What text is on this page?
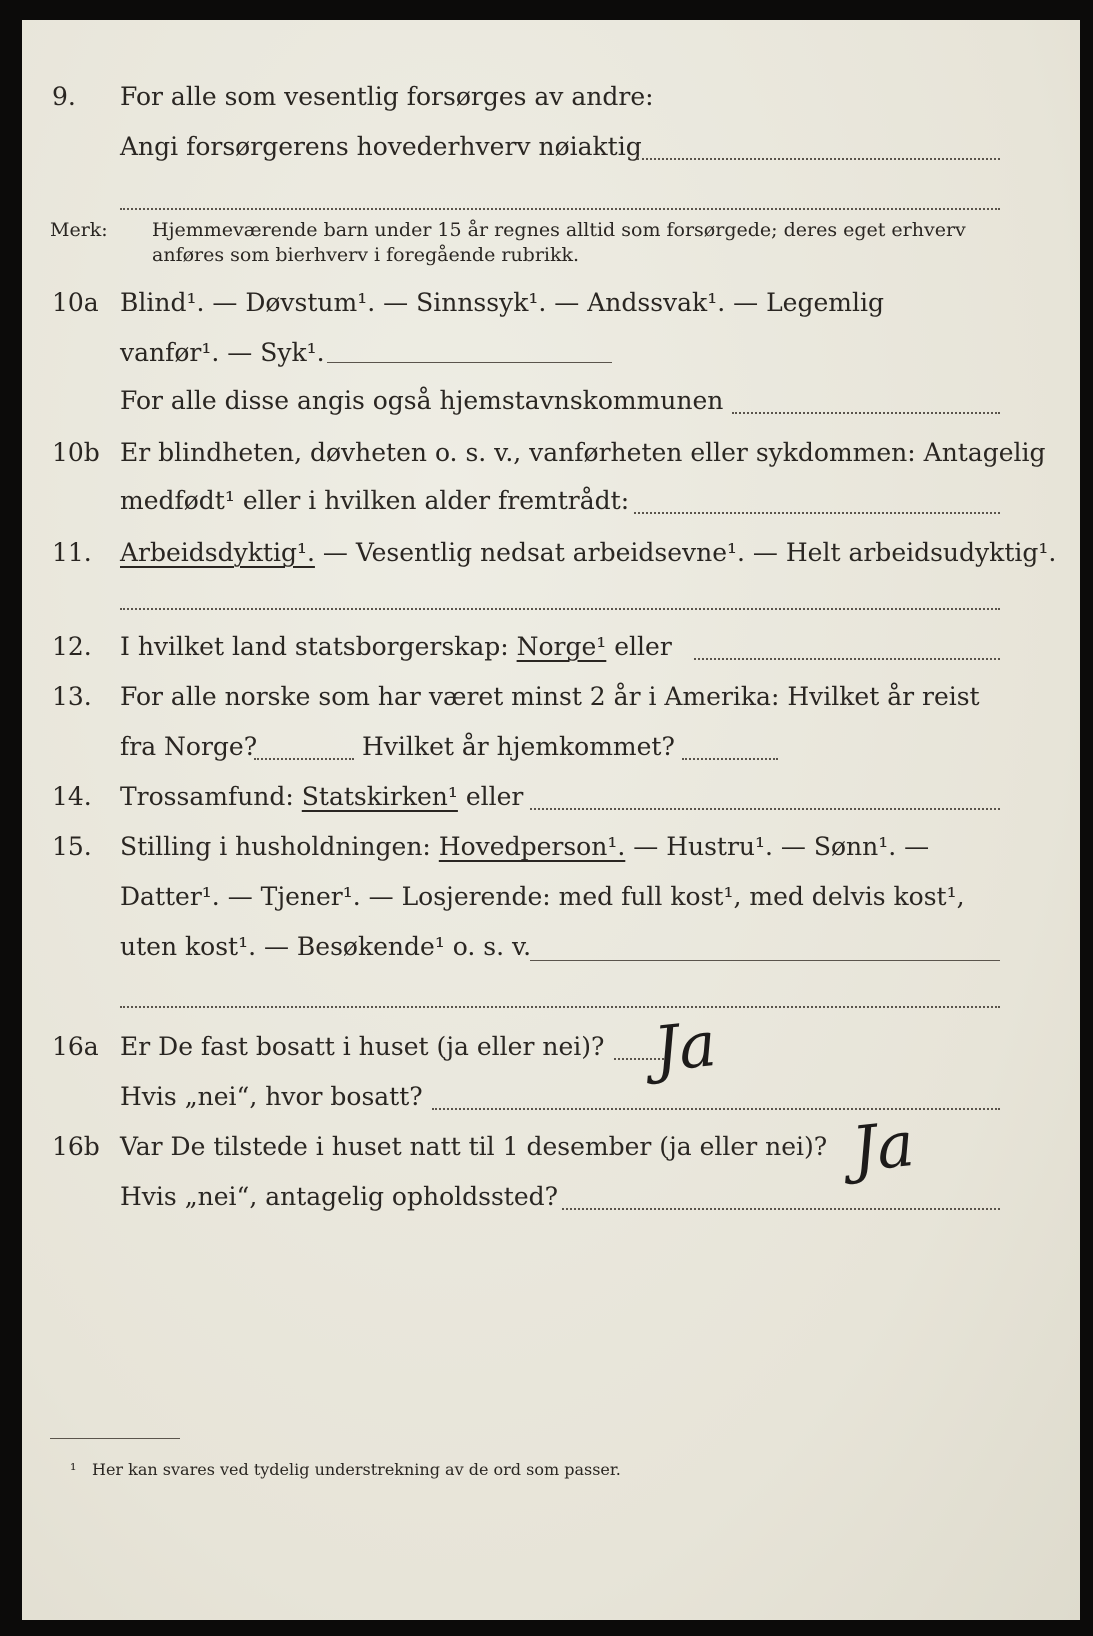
9. For alle som vesentlig forsørges av andre:
Angi forsørgerens hovederhverv nøiaktig
Merk: Hjemmeværende barn under 15 år regnes alltid som forsørgede; deres eget erhverv
anføres som bierhverv i foregående rubrikk.
10a Blind¹. — Døvstum¹. — Sinnssyk¹. — Andssvak¹. — Legemlig
vanfør¹. — Syk¹.
For alle disse angis også hjemstavnskommunen
10b Er blindheten, døvheten o. s. v., vanførheten eller sykdommen: Antagelig
medfødt¹ eller i hvilken alder fremtrådt:
11. Arbeidsdyktig¹. — Vesentlig nedsat arbeidsevne¹. — Helt arbeidsudyktig¹.
12. I hvilket land statsborgerskap: Norge¹ eller
13. For alle norske som har været minst 2 år i Amerika: Hvilket år reist
fra Norge?	Hvilket år hjemkommet?
14. Trossamfund: Statskirken¹ eller
15. Stilling i husholdningen: Hovedperson¹. — Hustru¹. — Sønn¹. —
Datter¹. — Tjener¹. — Losjerende: med full kost¹, med delvis kost¹,
uten kost¹. — Besøkende¹ o. s. v.
16a Er De fast bosatt i huset (ja eller nei)? Ja
Hvis „nei“, hvor bosatt?
16b Var De tilstede i huset natt til 1 desember (ja eller nei)? Ja
Hvis „nei“, antagelig opholdssted?
¹ Her kan svares ved tydelig understrekning av de ord som passer.
